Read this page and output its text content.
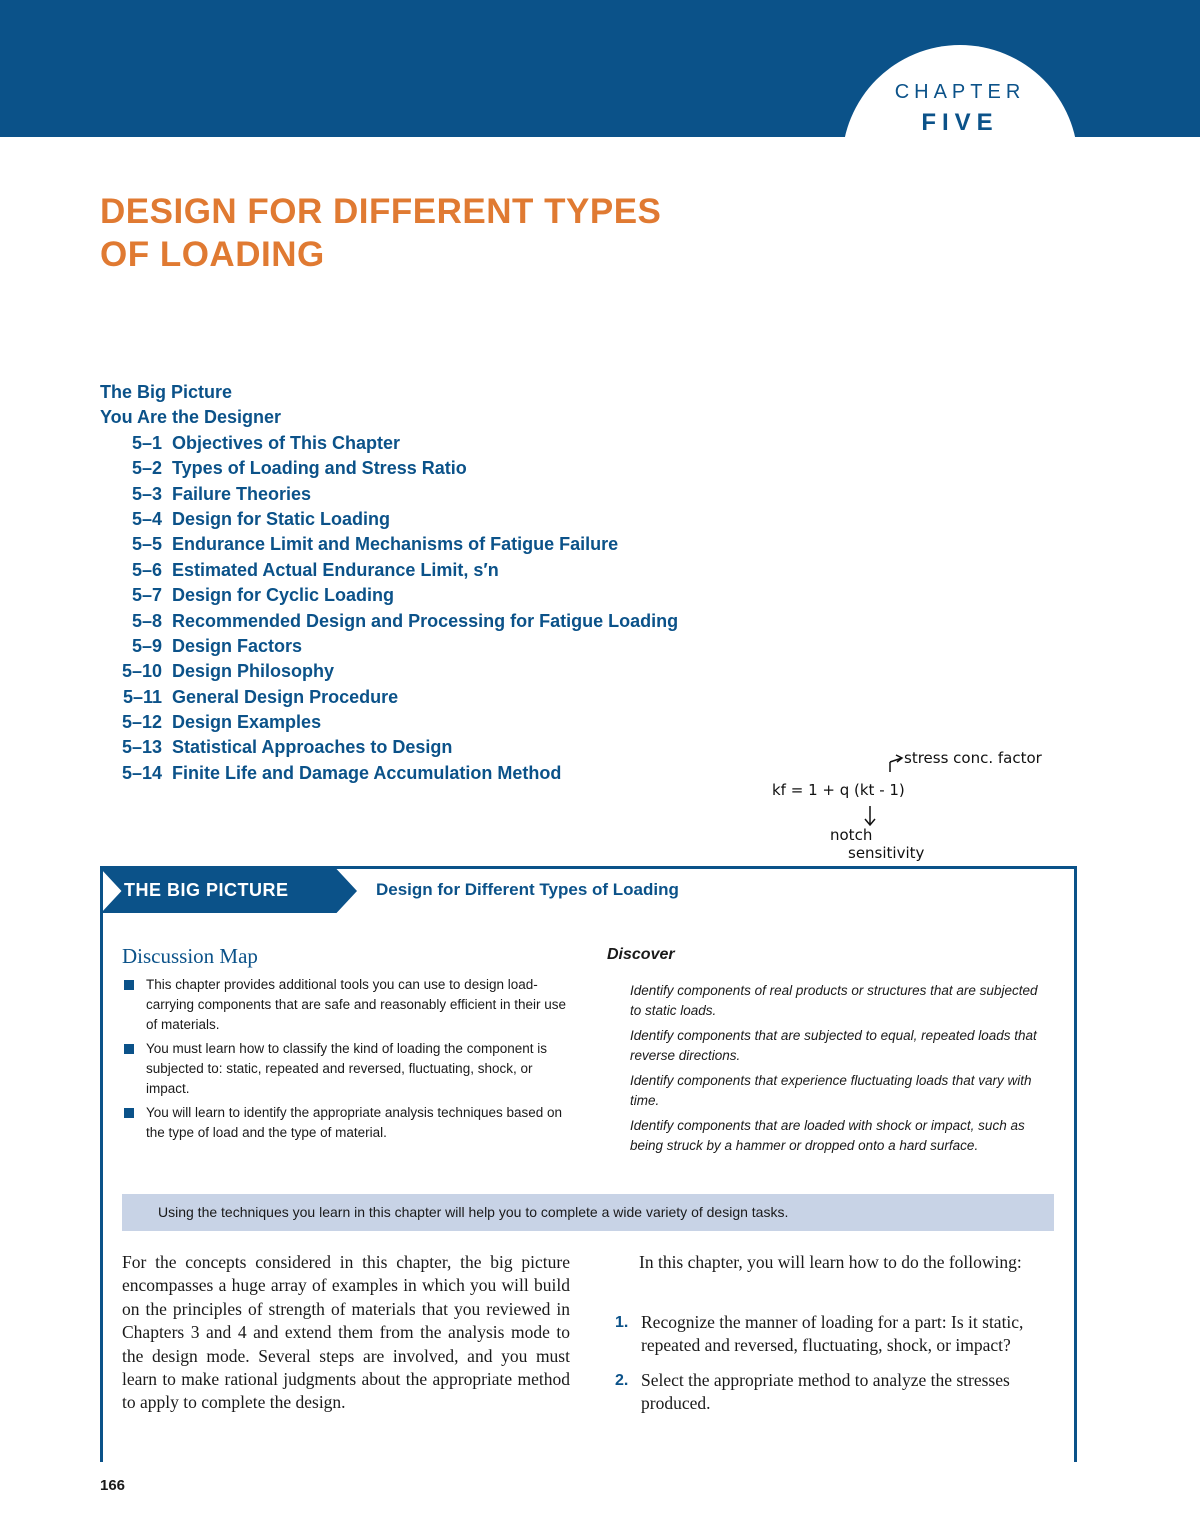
CHAPTER
FIVE
DESIGN FOR DIFFERENT TYPES
OF LOADING
The Big Picture
You Are the Designer
5–1 Objectives of This Chapter
5–2 Types of Loading and Stress Ratio
5–3 Failure Theories
5–4 Design for Static Loading
5–5 Endurance Limit and Mechanisms of Fatigue Failure
5–6 Estimated Actual Endurance Limit, s′n
5–7 Design for Cyclic Loading
5–8 Recommended Design and Processing for Fatigue Loading
5–9 Design Factors
5–10 Design Philosophy
5–11 General Design Procedure
5–12 Design Examples
5–13 Statistical Approaches to Design
5–14 Finite Life and Damage Accumulation Method
stress conc. factor
kf = 1 + q (kt - 1)
notch
sensitivity
THE BIG PICTURE	Design for Different Types of Loading
Discussion Map
This chapter provides additional tools you can use to design load-carrying components that are safe and reasonably efficient in their use of materials.
You must learn how to classify the kind of loading the component is subjected to: static, repeated and reversed, fluctuating, shock, or impact.
You will learn to identify the appropriate analysis techniques based on the type of load and the type of material.
Discover
Identify components of real products or structures that are subjected to static loads.
Identify components that are subjected to equal, repeated loads that reverse directions.
Identify components that experience fluctuating loads that vary with time.
Identify components that are loaded with shock or impact, such as being struck by a hammer or dropped onto a hard surface.
Using the techniques you learn in this chapter will help you to complete a wide variety of design tasks.

For the concepts considered in this chapter, the big picture encompasses a huge array of examples in which you will build on the principles of strength of materials that you reviewed in Chapters 3 and 4 and extend them from the analysis mode to the design mode. Several steps are involved, and you must learn to make rational judgments about the appropriate method to apply to complete the design.

In this chapter, you will learn how to do the following:

1. Recognize the manner of loading for a part: Is it static, repeated and reversed, fluctuating, shock, or impact?
2. Select the appropriate method to analyze the stresses produced.
166
